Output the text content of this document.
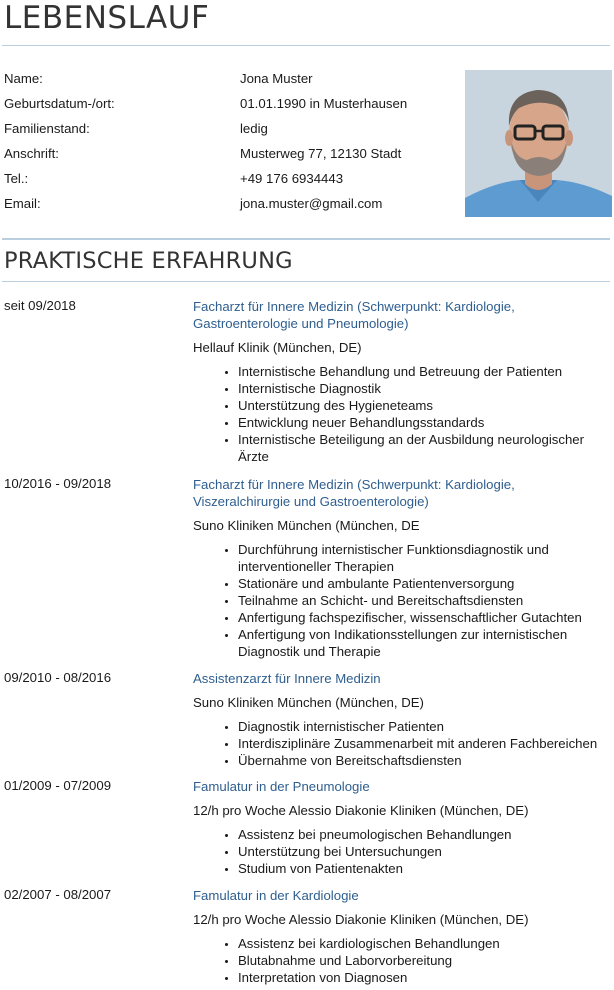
LEBENSLAUF
Name:	Jona Muster
Geburtsdatum-/ort:	01.01.1990 in Musterhausen
Familienstand:	ledig
Anschrift:	Musterweg 77, 12130 Stadt
Tel.:	+49 176 6934443
Email:	jona.muster@gmail.com
PRAKTISCHE ERFAHRUNG
seit 09/2018	Facharzt für Innere Medizin (Schwerpunkt: Kardiologie, Gastroenterologie und Pneumologie)
Hellauf Klinik (München, DE)
• Internistische Behandlung und Betreuung der Patienten
• Internistische Diagnostik
• Unterstützung des Hygieneteams
• Entwicklung neuer Behandlungsstandards
• Internistische Beteiligung an der Ausbildung neurologischer Ärzte
10/2016 - 09/2018	Facharzt für Innere Medizin (Schwerpunkt: Kardiologie, Viszeralchirurgie und Gastroenterologie)
Suno Kliniken München (München, DE
• Durchführung internistischer Funktionsdiagnostik und interventioneller Therapien
• Stationäre und ambulante Patientenversorgung
• Teilnahme an Schicht- und Bereitschaftsdiensten
• Anfertigung fachspezifischer, wissenschaftlicher Gutachten
• Anfertigung von Indikationsstellungen zur internistischen Diagnostik und Therapie
09/2010 - 08/2016	Assistenzarzt für Innere Medizin
Suno Kliniken München (München, DE)
• Diagnostik internistischer Patienten
• Interdisziplinäre Zusammenarbeit mit anderen Fachbereichen
• Übernahme von Bereitschaftsdiensten
01/2009 - 07/2009	Famulatur in der Pneumologie
12/h pro Woche Alessio Diakonie Kliniken (München, DE)
• Assistenz bei pneumologischen Behandlungen
• Unterstützung bei Untersuchungen
• Studium von Patientenakten
02/2007 - 08/2007	Famulatur in der Kardiologie
12/h pro Woche Alessio Diakonie Kliniken (München, DE)
• Assistenz bei kardiologischen Behandlungen
• Blutabnahme und Laborvorbereitung
• Interpretation von Diagnosen
